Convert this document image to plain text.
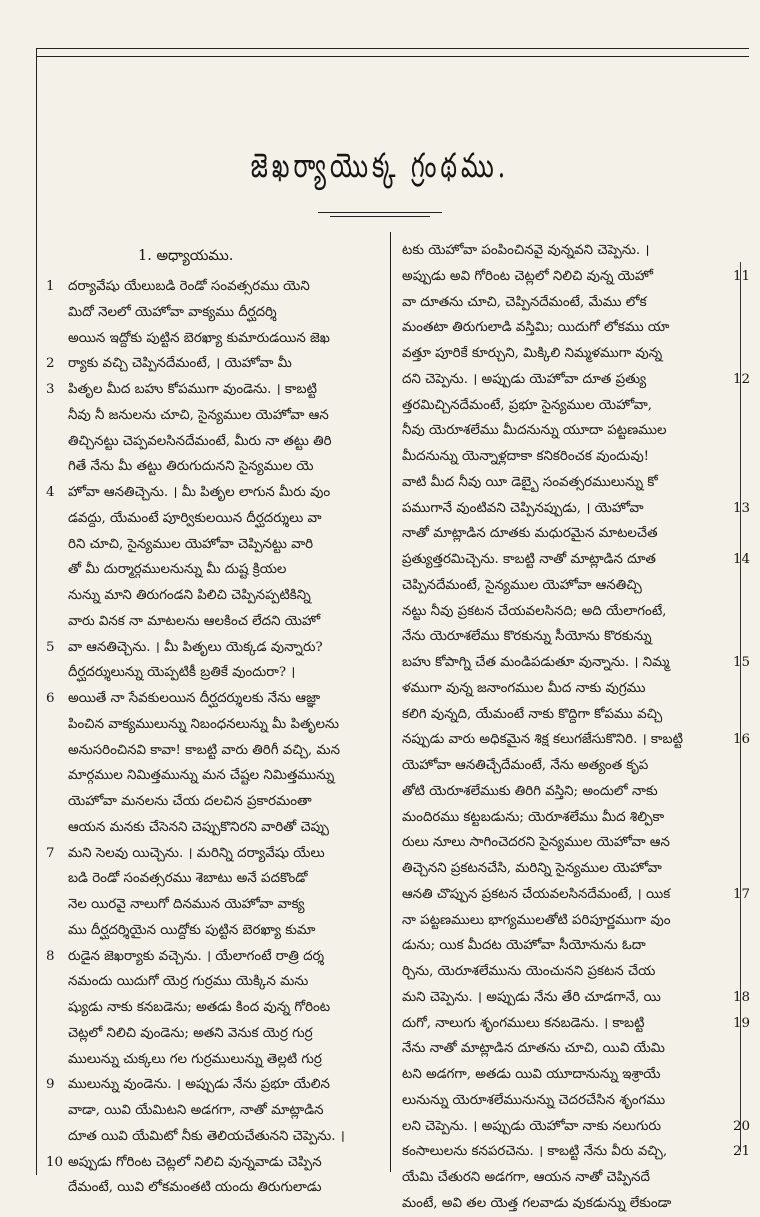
జెఖర్యాయొక్క గ్రంథము.
1. అధ్యాయము.
1 దర్యావేషు యేలుబడి రెండో సంవత్సరము యెని
మిదో నెలలో యెహోవా వాక్యము దీర్ఘదర్శి
అయిన ఇద్దోకు పుట్టిన బెరఖ్యా కుమారుడయిన జెఖ
2 ర్యాకు వచ్చి చెప్పినదేమంటే, । యెహోవా మీ
3 పితృల మీద బహు కోపముగా వుండెను. । కాబట్టి
నీవు నీ జనులను చూచి, సైన్యముల యెహోవా ఆన
తిచ్చినట్టు చెప్పవలసినదేమంటే, మీరు నా తట్టు తిరి
గితే నేను మీ తట్టు తిరుగుదునని సైన్యముల యె
4 హోవా ఆనతిచ్చెను. । మీ పితృల లాగున మీరు వుం
డవద్దు, యేమంటే పూర్వికులయిన దీర్ఘదర్శులు వా
రిని చూచి, సైన్యముల యెహోవా చెప్పినట్టు వారి
తో మీ దుర్మార్గములనున్ను మీ దుష్ట క్రియల
నున్ను మాని తిరుగండని పిలిచి చెప్పినప్పటికిన్ని
వారు వినక నా మాటలను ఆలకించ లేదని యెహో
5 వా ఆనతిచ్చెను. । మీ పితృలు యెక్కడ వున్నారు?
దీర్ఘదర్శులున్ను యెప్పటికీ బ్రతికే వుందురా? ।
6 అయితే నా సేవకులయిన దీర్ఘదర్శులకు నేను ఆజ్ఞా
పించిన వాక్యములున్ను నిబంధనలున్ను మీ పితృలను
అనుసరించినవి కావా! కాబట్టి వారు తిరిగీ వచ్చి, మన
మార్గముల నిమిత్తమున్ను మన చేష్టల నిమిత్తమున్ను
యెహోవా మనలను చేయ దలచిన ప్రకారమంతా
ఆయన మనకు చేసెనని చెప్పుకొనిరని వారితో చెప్పు
7 మని సెలవు యిచ్చెను. । మరిన్ని దర్యావేషు యేలు
బడి రెండో సంవత్సరము శెబాటు అనే పదకొండో
నెల యిరవై నాలుగో దినమున యెహోవా వాక్య
ము దీర్ఘదర్శియైన యిద్దోకు పుట్టిన బెరఖ్యా కుమా
8 రుడైన జెఖర్యాకు వచ్చెను. । యేలాగంటే రాత్రి దర్శ
నమందు యిదుగో యెర్ర గుర్రము యెక్కిన మను
ష్యుడు నాకు కనబడెను; అతడు కింద వున్న గోరింట
చెట్లలో నిలిచి వుండెను; అతని వెనుక యెర్ర గుర్ర
ములున్ను చుక్కలు గల గుర్రములున్ను తెల్లటి గుర్ర
9 ములున్ను వుండెను. । అప్పుడు నేను ప్రభూ యేలిన
వాడా, యివి యేమిటని అడగగా, నాతో మాట్లాడిన
దూత యివి యేమిటో నీకు తెలియచేతునని చెప్పెను. ।
10 అప్పుడు గోరింట చెట్లలో నిలిచి వున్నవాడు చెప్పిన
దేమంటే, యివి లోకమంతటి యందు తిరుగులాడు
టకు యెహోవా పంపించినవై వున్నవని చెప్పెను. ।
11
అప్పుడు అవి గోరింట చెట్లలో నిలిచి వున్న యెహో
వా దూతను చూచి, చెప్పినదేమంటే, మేము లోక
మంతటా తిరుగులాడి వస్తిమి; యిదుగో లోకము యా
వత్తూ పూరికే కూర్చుని, మిక్కిలి నిమ్మళముగా వున్న
12
దని చెప్పెను. । అప్పుడు యెహోవా దూత ప్రత్యు
త్తరమిచ్చినదేమంటే, ప్రభూ సైన్యముల యెహోవా,
నీవు యెరూశలేము మీదనున్ను యూదా పట్టణముల
మీదనున్ను యెన్నాళ్లదాకా కనికరించక వుందువు!
వాటి మీద నీవు యీ డెబ్బై సంవత్సరములున్ను కో
13
పముగానే వుంటివని చెప్పినప్పుడు, । యెహోవా
నాతో మాట్లాడిన దూతకు మధురమైన మాటలచేత
14
ప్రత్యుత్తరమిచ్చెను. కాబట్టి నాతో మాట్లాడిన దూత
చెప్పినదేమంటే, సైన్యముల యెహోవా ఆనతిచ్చి
నట్టు నీవు ప్రకటన చేయవలసినది; అది యేలాగంటే,
నేను యెరూశలేము కొరకున్ను సీయోను కొరకున్ను
15
బహు కోపాగ్ని చేత మండిపడుతూ వున్నాను. । నిమ్మ
ళముగా వున్న జనాంగముల మీద నాకు వుగ్రము
కలిగి వున్నది, యేమంటే నాకు కొద్దిగా కోపము వచ్చి
16
నప్పుడు వారు అధికమైన శిక్ష కలుగజేసుకొనిరి. । కాబట్టి
యెహోవా ఆనతిచ్చేదేమంటే, నేను అత్యంత కృప
తోటి యెరూశలేముకు తిరిగి వస్తిని; అందులో నాకు
మందిరము కట్టబడును; యెరూశలేము మీద శిల్పికా
రులు నూలు సాగించెదరని సైన్యముల యెహోవా ఆన
తిచ్చెనని ప్రకటనచేసి, మరిన్ని సైన్యముల యెహోవా
17
ఆనతి చొప్పున ప్రకటన చేయవలసినదేమంటే, । యిక
నా పట్టణములు భాగ్యములతోటి పరిపూర్ణముగా వుం
డును; యిక మీదట యెహోవా సీయోనును ఓదా
ర్చిను, యెరూశలేమును యెంచునని ప్రకటన చేయ
18
మని చెప్పెను. । అప్పుడు నేను తేరి చూడగానే, యి
19
దుగో, నాలుగు శృంగములు కనబడెను. । కాబట్టి
నేను నాతో మాట్లాడిన దూతను చూచి, యివి యేమి
టని అడగగా, అతడు యివి యూదానున్ను ఇశ్రాయే
లునున్ను యెరూశలేమునున్ను చెదరచేసిన శృంగము
20
లని చెప్పెను. । అప్పుడు యెహోవా నాకు నలుగురు
21
కంసాలులను కనపరచెను. । కాబట్టి నేను వీరు వచ్చి,
యేమి చేతురని అడగగా, ఆయన నాతో చెప్పినదే
మంటే, అవి తల యెత్త గలవాడు వుకడున్ను లేకుండా
